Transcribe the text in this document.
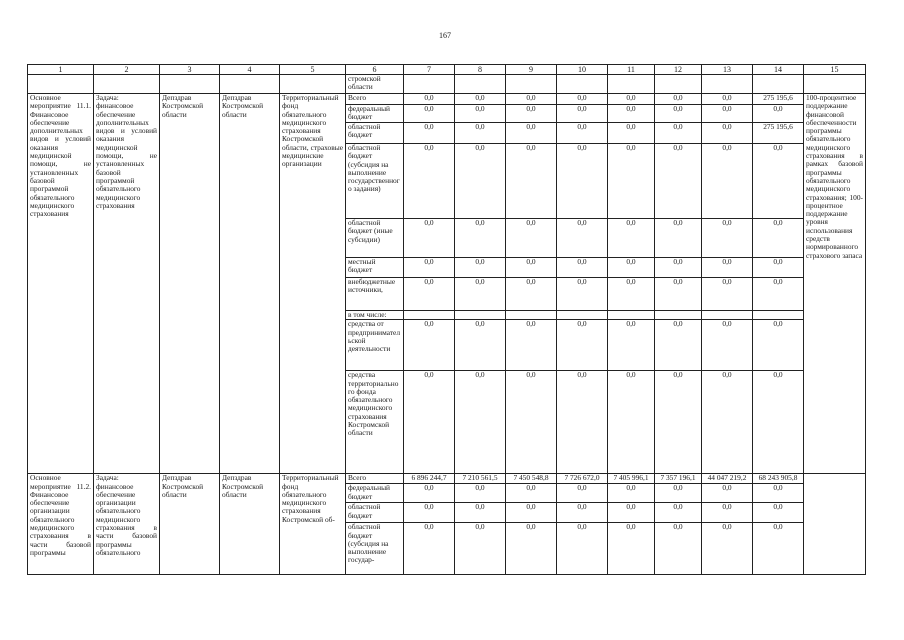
167
1	2	3	4	5	6	7	8	9	10	11	12	13	14	15
					стромской области									
Основное мероприятие 11.1. Финансовое обеспечение дополнительных видов и условий оказания медицинской помощи, не установленных базовой программой обязательного медицинского страхования	Задача: финансовое обеспечение дополнительных видов и условий оказания медицинской помощи, не установленных базовой программой обязательного медицинского страхования	Депздрав Костромской области	Депздрав Костромской области	Территориальный фонд обязательного медицинского страхования Костромской области, страховые медицинские организации	Всего	0,0	0,0	0,0	0,0	0,0	0,0	0,0	275 195,6	100-процентное поддержание финансовой обеспеченности программы обязательного медицинского страхования в рамках базовой программы обязательного медицинского страхования; 100-процентное поддержание уровня использования средств нормированного страхового запаса
					федеральный бюджет	0,0	0,0	0,0	0,0	0,0	0,0	0,0	0,0	
					областной бюджет	0,0	0,0	0,0	0,0	0,0	0,0	0,0	275 195,6	
					областной бюджет (субсидия на выполнение государственного задания)	0,0	0,0	0,0	0,0	0,0	0,0	0,0	0,0	
					областной бюджет (иные субсидии)	0,0	0,0	0,0	0,0	0,0	0,0	0,0	0,0	
					местный бюджет	0,0	0,0	0,0	0,0	0,0	0,0	0,0	0,0	
					внебюджетные источники,	0,0	0,0	0,0	0,0	0,0	0,0	0,0	0,0	
					в том числе:									
					средства от предпринимательской деятельности	0,0	0,0	0,0	0,0	0,0	0,0	0,0	0,0	
					средства территориального фонда обязательного медицинского страхования Костромской области	0,0	0,0	0,0	0,0	0,0	0,0	0,0	0,0	
Основное мероприятие 11.2. Финансовое обеспечение организации обязательного медицинского страхования в части базовой программы	Задача: финансовое обеспечение организации обязательного медицинского страхования в части базовой программы обязательного	Депздрав Костромской области	Депздрав Костромской области	Территориальный фонд обязательного медицинского страхования Костромской об-	Всего	6 896 244,7	7 210 561,5	7 450 548,8	7 726 672,0	7 405 996,1	7 357 196,1	44 047 219,2	68 243 905,8	
					федеральный бюджет	0,0	0,0	0,0	0,0	0,0	0,0	0,0	0,0	
					областной бюджет	0,0	0,0	0,0	0,0	0,0	0,0	0,0	0,0	
					областной бюджет (субсидия на выполнение государ-	0,0	0,0	0,0	0,0	0,0	0,0	0,0	0,0	
